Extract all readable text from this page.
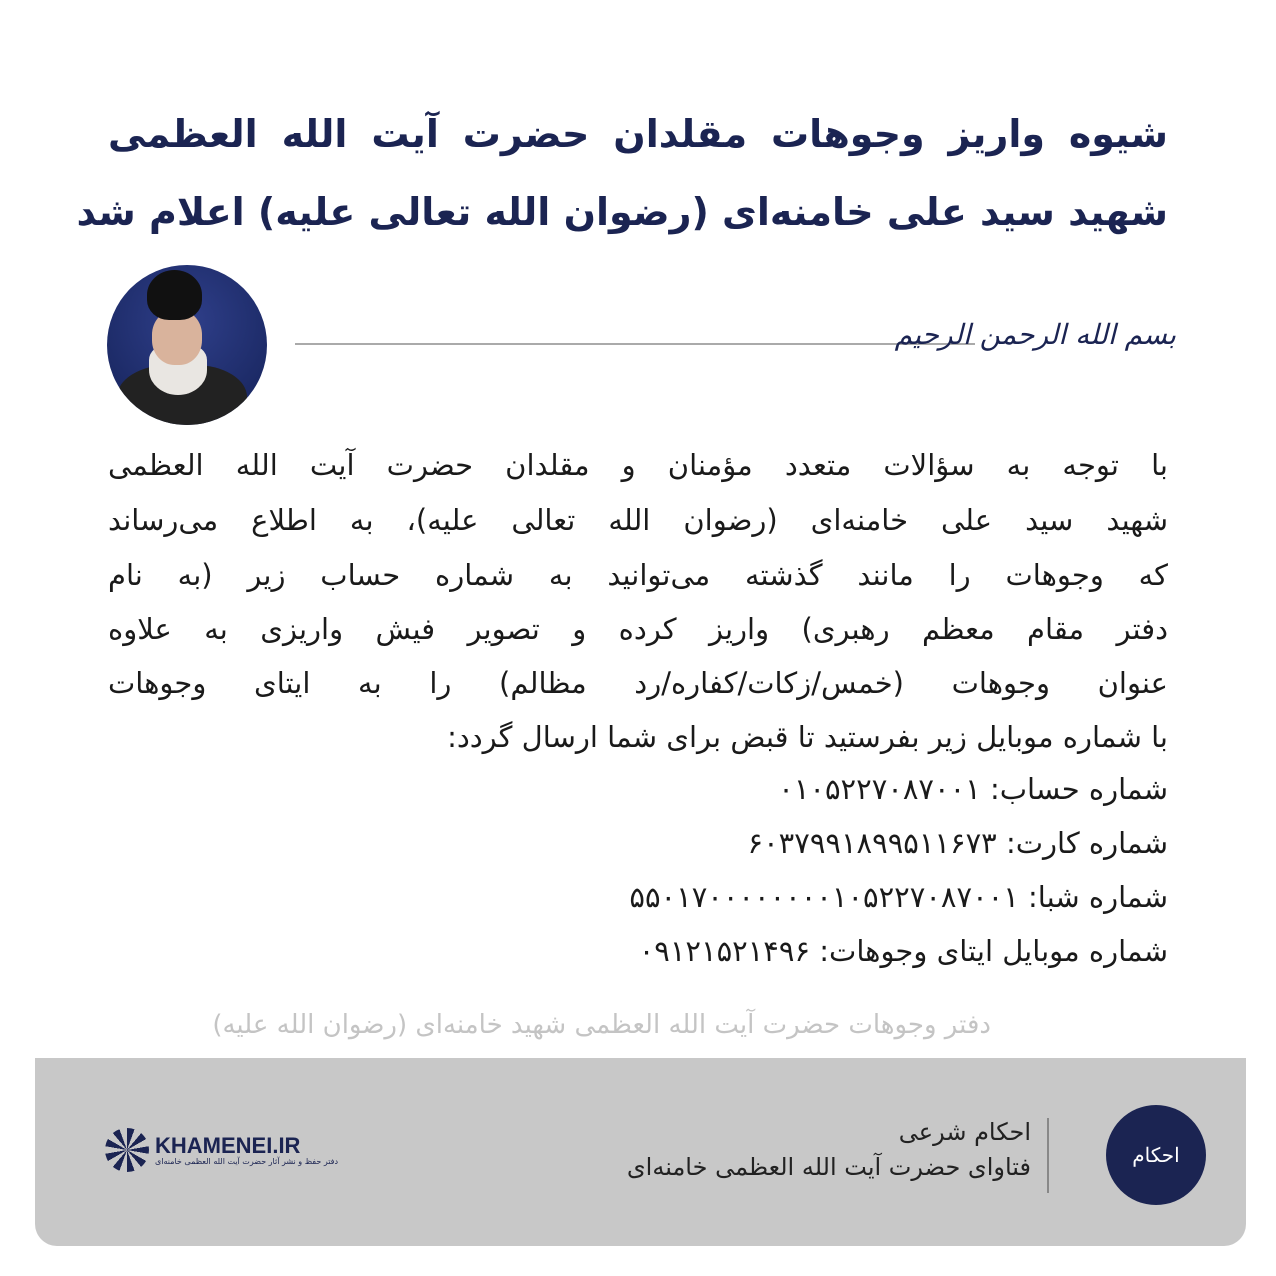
شیوه واریز وجوهات مقلدان حضرت آیت الله العظمی
شهید سید علی خامنه‌ای (رضوان الله تعالی علیه) اعلام شد
بسم الله الرحمن الرحیم
با توجه به سؤالات متعدد مؤمنان و مقلدان حضرت آیت الله العظمی
شهید سید علی خامنه‌ای (رضوان الله تعالی علیه)، به اطلاع می‌رساند
که وجوهات را مانند گذشته می‌توانید به شماره حساب زیر (به نام
دفتر مقام معظم رهبری) واریز کرده و تصویر فیش واریزی به علاوه
عنوان وجوهات (خمس/زکات/کفاره/رد مظالم) را به ایتای وجوهات
با شماره موبایل زیر بفرستید تا قبض برای شما ارسال گردد:
شماره حساب: ۰۱۰۵۲۲۷۰۸۷۰۰۱
شماره کارت: ۶۰۳۷۹۹۱۸۹۹۵۱۱۶۷۳
شماره شبا: ۵۵۰۱۷۰۰۰۰۰۰۰۰۱۰۵۲۲۷۰۸۷۰۰۱
شماره موبایل ایتای وجوهات: ۰۹۱۲۱۵۲۱۴۹۶
دفتر وجوهات حضرت آیت الله العظمی شهید خامنه‌ای (رضوان الله علیه)
احکام
احکام شرعی
فتاوای حضرت آیت الله العظمی خامنه‌ای
KHAMENEI.IR
دفتر حفظ و نشر آثار حضرت آیت الله العظمی خامنه‌ای
